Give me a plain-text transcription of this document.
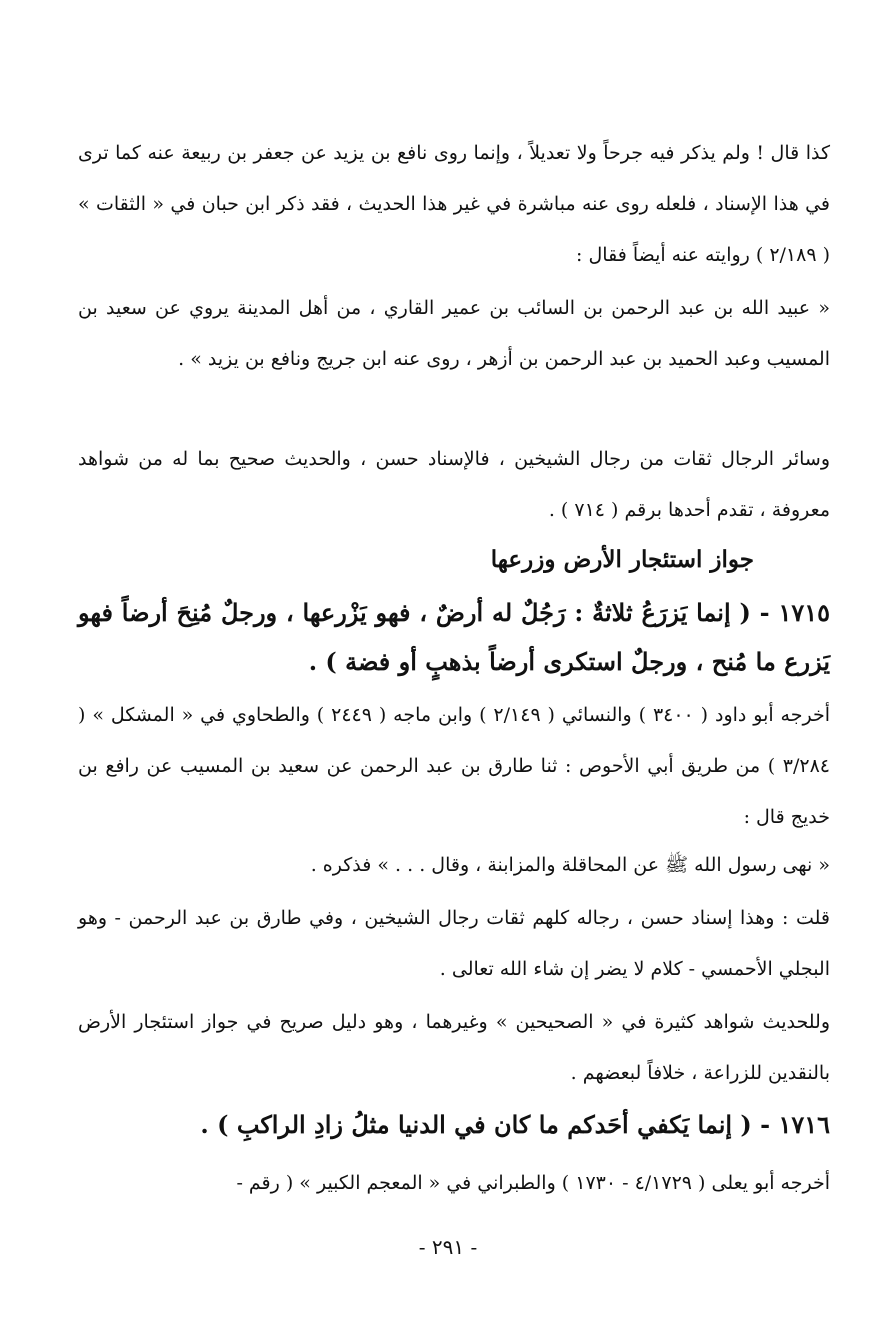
كذا قال ! ولم يذكر فيه جرحاً ولا تعديلاً ، وإنما روى نافع بن يزيد عن جعفر بن ربيعة عنه كما ترى في هذا الإسناد ، فلعله روى عنه مباشرة في غير هذا الحديث ، فقد ذكر ابن حبان في « الثقات » ( ٢/١٨٩ ) روايته عنه أيضاً فقال :

« عبيد الله بن عبد الرحمن بن السائب بن عمير القاري ، من أهل المدينة يروي عن سعيد بن المسيب وعبد الحميد بن عبد الرحمن بن أزهر ، روى عنه ابن جريج ونافع بن يزيد » .

وسائر الرجال ثقات من رجال الشيخين ، فالإسناد حسن ، والحديث صحيح بما له من شواهد معروفة ، تقدم أحدها برقم ( ٧١٤ ) .

جواز استئجار الأرض وزرعها

١٧١٥ - ( إنما يَزرَعُ ثلاثةٌ : رَجُلٌ له أرضٌ ، فهو يَزْرعها ، ورجلٌ مُنِحَ أرضاً فهو يَزرع ما مُنح ، ورجلٌ استكرى أرضاً بذهبٍ أو فضة ) .

أخرجه أبو داود ( ٣٤٠٠ ) والنسائي ( ٢/١٤٩ ) وابن ماجه ( ٢٤٤٩ ) والطحاوي في « المشكل » ( ٣/٢٨٤ ) من طريق أبي الأحوص : ثنا طارق بن عبد الرحمن عن سعيد بن المسيب عن رافع بن خديج قال :

« نهى رسول الله ﷺ عن المحاقلة والمزابنة ، وقال . . . » فذكره .

قلت : وهذا إسناد حسن ، رجاله كلهم ثقات رجال الشيخين ، وفي طارق بن عبد الرحمن - وهو البجلي الأحمسي - كلام لا يضر إن شاء الله تعالى .

وللحديث شواهد كثيرة في « الصحيحين » وغيرهما ، وهو دليل صريح في جواز استئجار الأرض بالنقدين للزراعة ، خلافاً لبعضهم .

١٧١٦ - ( إنما يَكفي أحَدكم ما كان في الدنيا مثلُ زادِ الراكبِ ) .

أخرجه أبو يعلى ( ٤/١٧٢٩ - ١٧٣٠ ) والطبراني في « المعجم الكبير » ( رقم -

- ٢٩١ -
